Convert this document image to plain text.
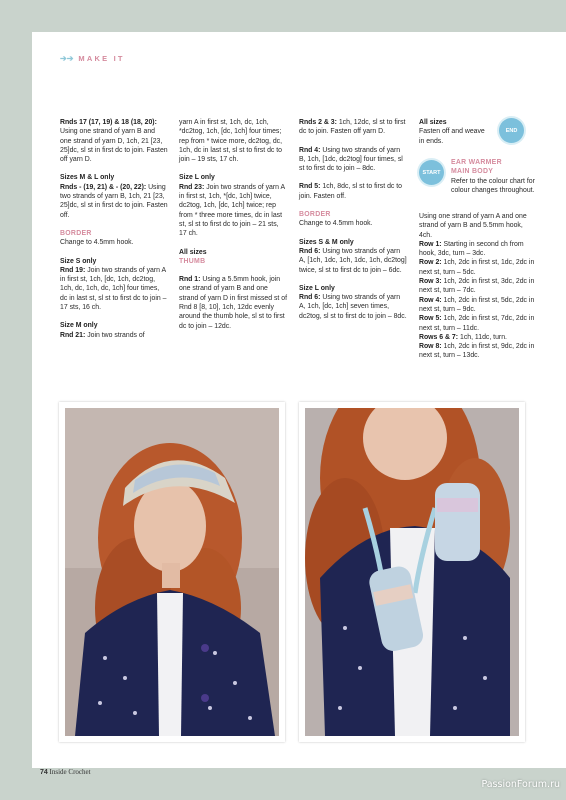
➔➔ MAKE IT

Rnds 17 (17, 19) & 18 (18, 20): Using one strand of yarn B and one strand of yarn D, 1ch, 21 [23, 25]dc, sl st in first dc to join. Fasten off yarn D.

Sizes M & L only

Rnds - (19, 21) & - (20, 22): Using two strands of yarn B, 1ch, 21 [23, 25]dc, sl st in first dc to join. Fasten off.

BORDER
Change to 4.5mm hook.

Size S only

Rnd 19: Join two strands of yarn A in first st, 1ch, [dc, 1ch, dc2tog, 1ch, dc, 1ch, dc, 1ch] four times, dc in last st, sl st to first dc to join – 17 sts, 16 ch.

Size M only

Rnd 21: Join two strands of

yarn A in first st, 1ch, dc, 1ch, *dc2tog, 1ch, [dc, 1ch] four times; rep from * twice more, dc2tog, dc, 1ch, dc in last st, sl st to first dc to join – 19 sts, 17 ch.

Size L only

Rnd 23: Join two strands of yarn A in first st, 1ch, *[dc, 1ch] twice, dc2tog, 1ch, [dc, 1ch] twice; rep from * three more times, dc in last st, sl st to first dc to join – 21 sts, 17 ch.

All sizes

THUMB

Rnd 1: Using a 5.5mm hook, join one strand of yarn B and one strand of yarn D in first missed st of Rnd 8 [8, 10], 1ch, 12dc evenly around the thumb hole, sl st to first dc to join – 12dc.

Rnds 2 & 3: 1ch, 12dc, sl st to first dc to join. Fasten off yarn D.

Rnd 4: Using two strands of yarn B, 1ch, [1dc, dc2tog] four times, sl st to first dc to join – 8dc.

Rnd 5: 1ch, 8dc, sl st to first dc to join. Fasten off.

BORDER
Change to 4.5mm hook.

Sizes S & M only

Rnd 6: Using two strands of yarn A, [1ch, 1dc, 1ch, 1dc, 1ch, dc2tog] twice, sl st to first dc to join – 6dc.

Size L only

Rnd 6: Using two strands of yarn A, 1ch, [dc, 1ch] seven times, dc2tog, sl st to first dc to join – 8dc.

All sizes
Fasten off and weave in ends.

END
START
EAR WARMER
MAIN BODY
Refer to the colour chart for colour changes throughout.
Using one strand of yarn A and one strand of yarn B and 5.5mm hook, 4ch.
Row 1: Starting in second ch from hook, 3dc, turn – 3dc.
Row 2: 1ch, 2dc in first st, 1dc, 2dc in next st, turn – 5dc.
Row 3: 1ch, 2dc in first st, 3dc, 2dc in next st, turn – 7dc.
Row 4: 1ch, 2dc in first st, 5dc, 2dc in next st, turn – 9dc.
Row 5: 1ch, 2dc in first st, 7dc, 2dc in next st, turn – 11dc.
Rows 6 & 7: 1ch, 11dc, turn.
Row 8: 1ch, 2dc in first st, 9dc, 2dc in next st, turn – 13dc.
74 Inside Crochet
PassionForum.ru
